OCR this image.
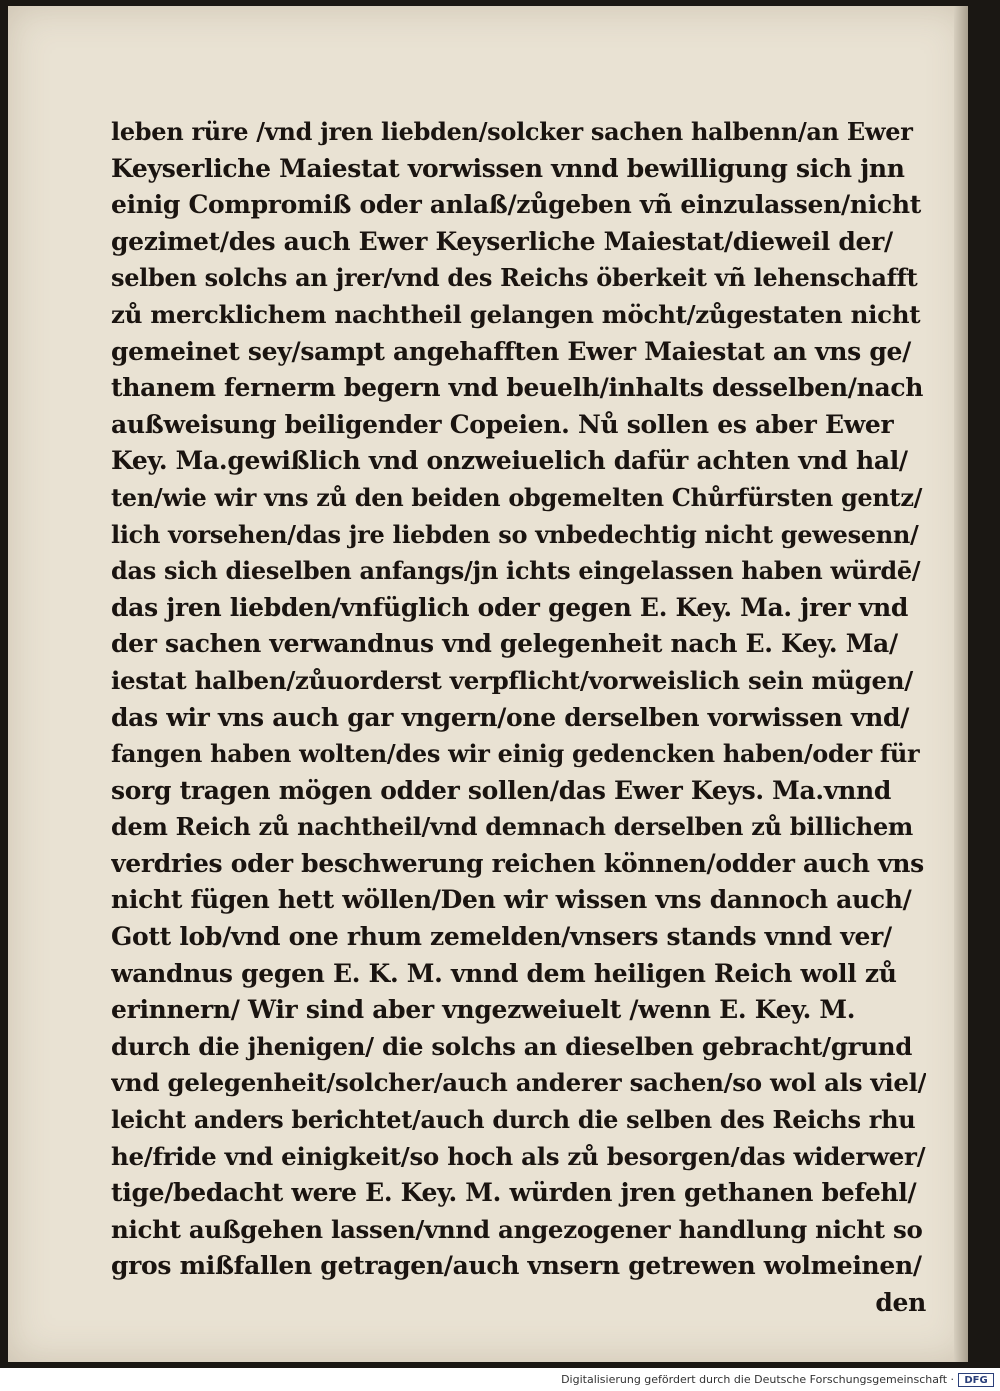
leben rüre /vnd jren liebden/solcker sachen halbenn/an Ewer
Keyserliche Maiestat vorwissen vnnd bewilligung sich jnn
einig Compromiß oder anlaß/zůgeben vñ einzulassen/nicht
gezimet/des auch Ewer Keyserliche Maiestat/dieweil der/
selben solchs an jrer/vnd des Reichs öberkeit vñ lehenschafft
zů mercklichem nachtheil gelangen möcht/zůgestaten nicht
gemeinet sey/sampt angehafften Ewer Maiestat an vns ge/
thanem fernerm begern vnd beuelh/inhalts desselben/nach
außweisung beiligender Copeien. Nů sollen es aber Ewer
Key. Ma.gewißlich vnd onzweiuelich dafür achten vnd hal/
ten/wie wir vns zů den beiden obgemelten Chůrfürsten gentz/
lich vorsehen/das jre liebden so vnbedechtig nicht gewesenn/
das sich dieselben anfangs/jn ichts eingelassen haben würdē/
das jren liebden/vnfüglich oder gegen E. Key. Ma. jrer vnd
der sachen verwandnus vnd gelegenheit nach E. Key. Ma/
iestat halben/zůuorderst verpflicht/vorweislich sein mügen/
das wir vns auch gar vngern/one derselben vorwissen vnd/
fangen haben wolten/des wir einig gedencken haben/oder für
sorg tragen mögen odder sollen/das Ewer Keys. Ma.vnnd
dem Reich zů nachtheil/vnd demnach derselben zů billichem
verdries oder beschwerung reichen können/odder auch vns
nicht fügen hett wöllen/Den wir wissen vns dannoch auch/
Gott lob/vnd one rhum zemelden/vnsers stands vnnd ver/
wandnus gegen E. K. M. vnnd dem heiligen Reich woll zů
erinnern/ Wir sind aber vngezweiuelt /wenn E. Key. M.
durch die jhenigen/ die solchs an dieselben gebracht/grund
vnd gelegenheit/solcher/auch anderer sachen/so wol als viel/
leicht anders berichtet/auch durch die selben des Reichs rhu
he/fride vnd einigkeit/so hoch als zů besorgen/das widerwer/
tige/bedacht were E. Key. M. würden jren gethanen befehl/
nicht außgehen lassen/vnnd angezogener handlung nicht so
gros mißfallen getragen/auch vnsern getrewen wolmeinen/
den
Digitalisierung gefördert durch die Deutsche Forschungsgemeinschaft ·	DFG
